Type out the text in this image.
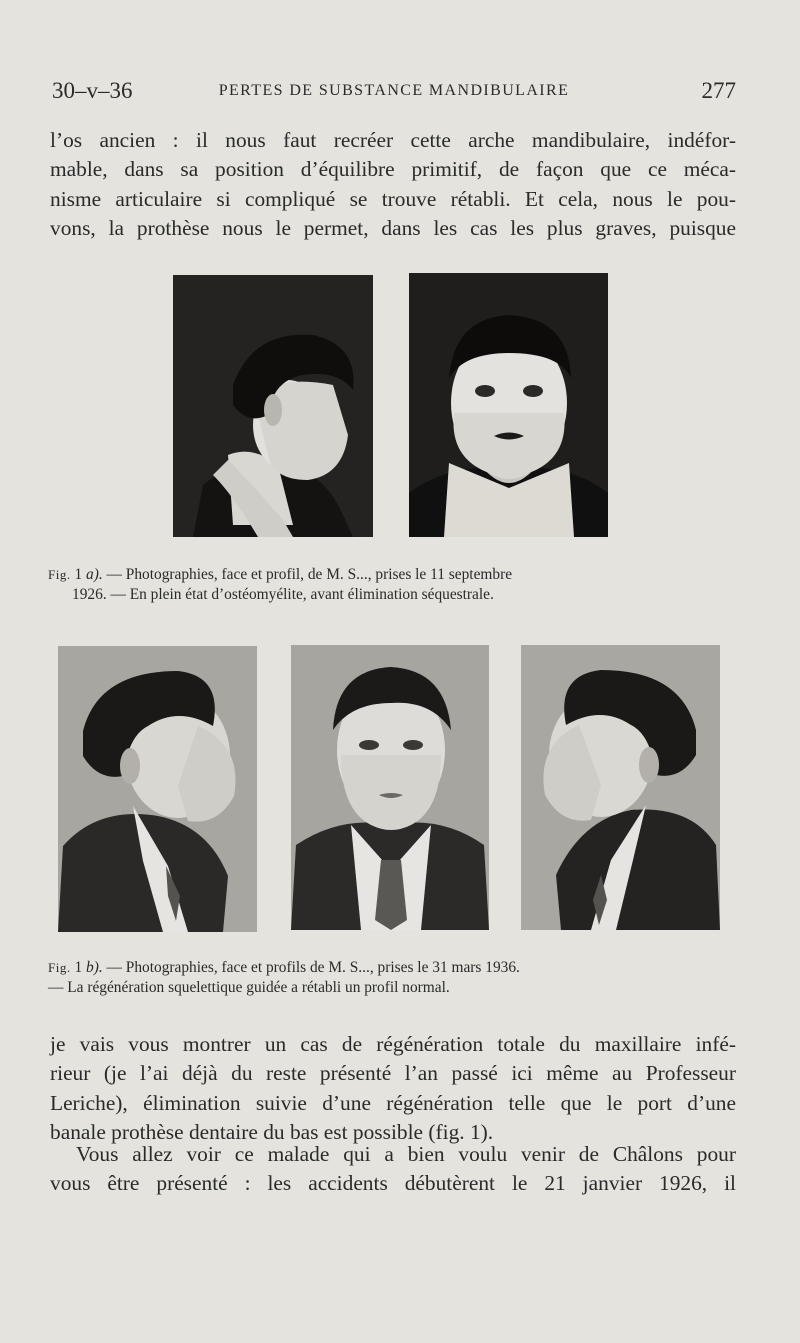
30–v–36	PERTES DE SUBSTANCE MANDIBULAIRE	277
l’os ancien : il nous faut recréer cette arche mandibulaire, indéfor-
mable, dans sa position d’équilibre primitif, de façon que ce méca-
nisme articulaire si compliqué se trouve rétabli. Et cela, nous le pou-
vons, la prothèse nous le permet, dans les cas les plus graves, puisque
Fig. 1 a). — Photographies, face et profil, de M. S..., prises le 11 septembre
1926. — En plein état d’ostéomyélite, avant élimination séquestrale.
Fig. 1 b). — Photographies, face et profils de M. S..., prises le 31 mars 1936.
— La régénération squelettique guidée a rétabli un profil normal.
je vais vous montrer un cas de régénération totale du maxillaire infé-
rieur (je l’ai déjà du reste présenté l’an passé ici même au Professeur
Leriche), élimination suivie d’une régénération telle que le port d’une
banale prothèse dentaire du bas est possible (fig. 1).
Vous allez voir ce malade qui a bien voulu venir de Châlons pour
vous être présenté : les accidents débutèrent le 21 janvier 1926, il
